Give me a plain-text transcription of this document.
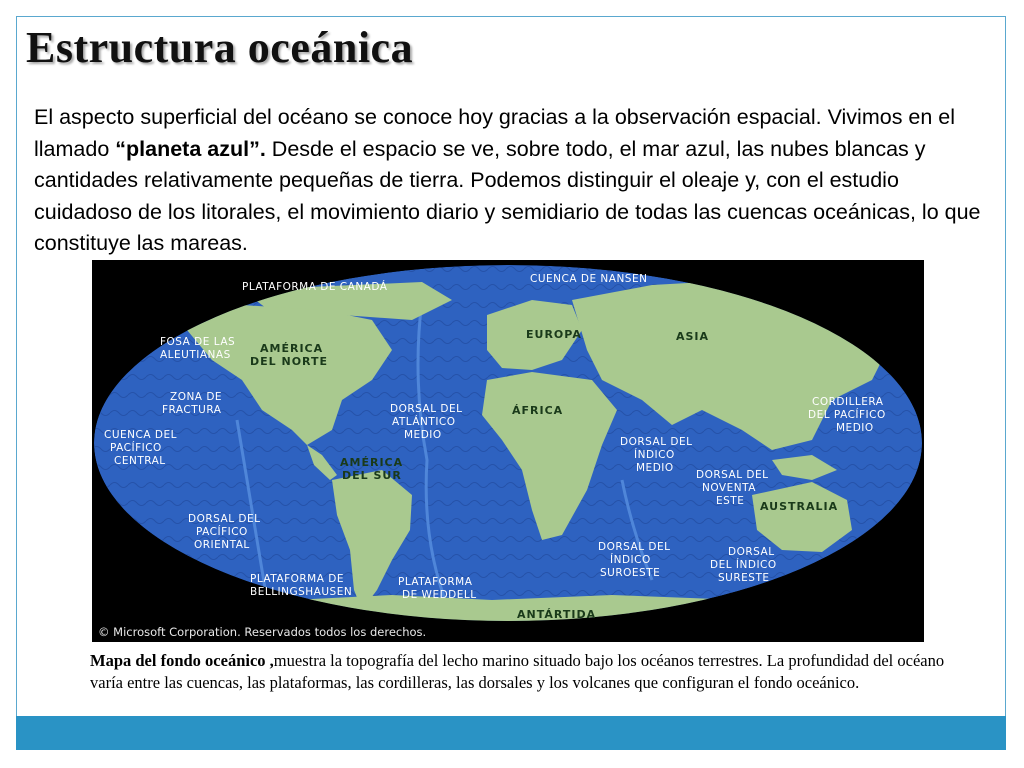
Estructura oceánica

El aspecto superficial del océano se conoce hoy gracias a la observación espacial. Vivimos en el llamado “planeta azul”. Desde el espacio se ve, sobre todo, el mar azul, las nubes blancas y cantidades relativamente pequeñas de tierra. Podemos distinguir el oleaje y, con el estudio cuidadoso de los litorales, el movimiento diario y semidiario de todas las cuencas oceánicas, lo que constituye las mareas.

PLATAFORMA DE CANADÁ
CUENCA DE NANSEN
FOSA DE LAS
ALEUTIANAS
ZONA DE
FRACTURA
CUENCA DEL
PACÍFICO
CENTRAL
DORSAL DEL
ATLÁNTICO
MEDIO
CORDILLERA
DEL PACÍFICO
MEDIO
DORSAL DEL
ÍNDICO
MEDIO
DORSAL DEL
NOVENTA
ESTE
DORSAL DEL
PACÍFICO
ORIENTAL	DORSAL DEL
ÍNDICO
SUROESTE
DORSAL
DEL ÍNDICO
SURESTE
PLATAFORMA DE
BELLINGSHAUSEN
PLATAFORMA
DE WEDDELL
EUROPA	ASIA
AMÉRICA
DEL NORTE
ÁFRICA
AMÉRICA
DEL SUR
AUSTRALIA
ANTÁRTIDA
© Microsoft Corporation. Reservados todos los derechos.

Mapa del fondo oceánico ,muestra la topografía del lecho marino situado bajo los océanos terrestres. La profundidad del océano varía entre las cuencas, las plataformas, las cordilleras, las dorsales y los volcanes que configuran el fondo oceánico.
